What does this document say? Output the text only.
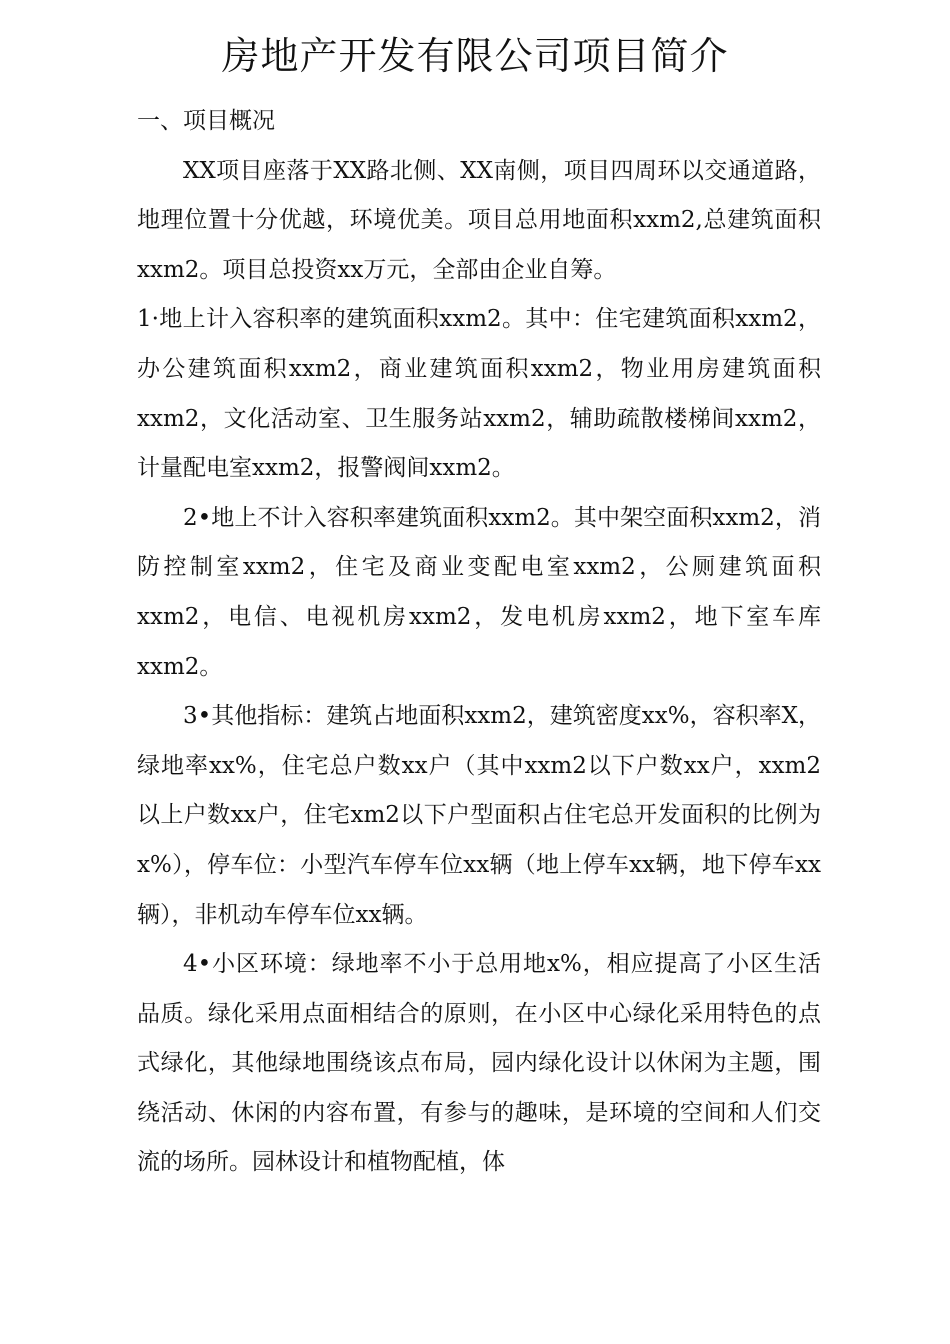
房地产开发有限公司项目简介

一、项目概况

XX项目座落于XX路北侧、XX南侧，项目四周环以交通道路，地理位置十分优越，环境优美。项目总用地面积xxm2,总建筑面积xxm2。项目总投资xx万元，全部由企业自筹。

1·地上计入容积率的建筑面积xxm2。其中：住宅建筑面积xxm2，办公建筑面积xxm2，商业建筑面积xxm2，物业用房建筑面积xxm2，文化活动室、卫生服务站xxm2，辅助疏散楼梯间xxm2，计量配电室xxm2，报警阀间xxm2。

2•地上不计入容积率建筑面积xxm2。其中架空面积xxm2，消防控制室xxm2，住宅及商业变配电室xxm2，公厕建筑面积xxm2，电信、电视机房xxm2，发电机房xxm2，地下室车库xxm2。

3•其他指标：建筑占地面积xxm2，建筑密度xx%，容积率X，绿地率xx%，住宅总户数xx户（其中xxm2以下户数xx户，xxm2以上户数xx户，住宅xm2以下户型面积占住宅总开发面积的比例为x%），停车位：小型汽车停车位xx辆（地上停车xx辆，地下停车xx辆），非机动车停车位xx辆。

4•小区环境：绿地率不小于总用地x%，相应提高了小区生活品质。绿化采用点面相结合的原则，在小区中心绿化采用特色的点式绿化，其他绿地围绕该点布局，园内绿化设计以休闲为主题，围绕活动、休闲的内容布置，有参与的趣味，是环境的空间和人们交流的场所。园林设计和植物配植，体
